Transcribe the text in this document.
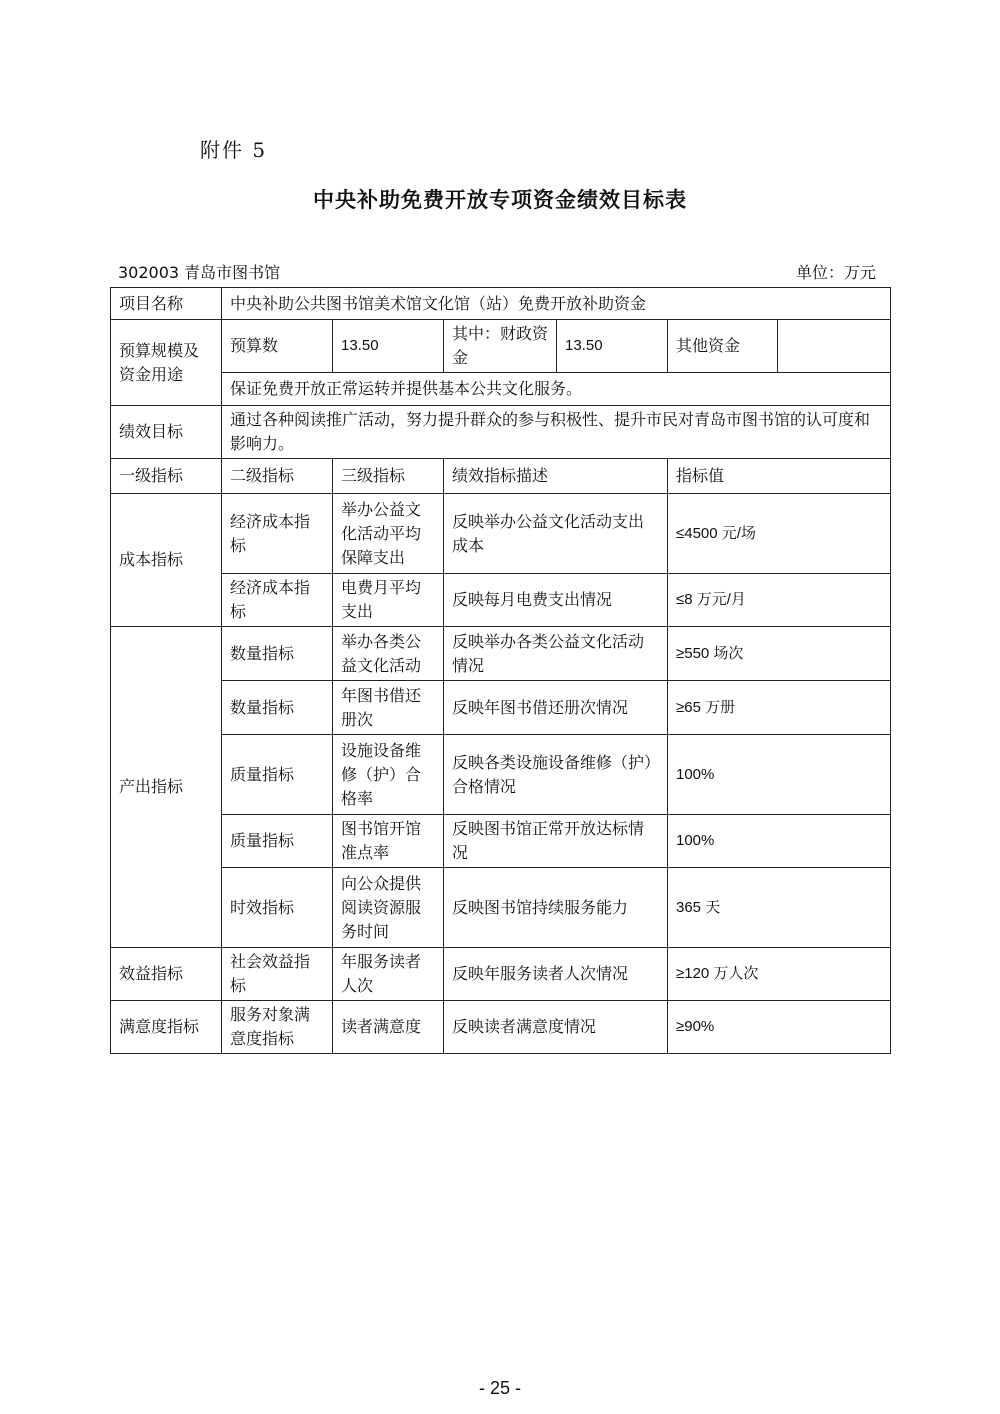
附件 5
中央补助免费开放专项资金绩效目标表
302003 青岛市图书馆	单位：万元
项目名称	中央补助公共图书馆美术馆文化馆（站）免费开放补助资金					
预算规模及资金用途	预算数	13.50	其中：财政资金	13.50	其他资金	
	保证免费开放正常运转并提供基本公共文化服务。					
绩效目标	通过各种阅读推广活动，努力提升群众的参与积极性、提升市民对青岛市图书馆的认可度和影响力。					
一级指标	二级指标	三级指标	绩效指标描述		指标值	
成本指标	经济成本指标	举办公益文化活动平均保障支出	反映举办公益文化活动支出成本		≤4500 元/场	
	经济成本指标	电费月平均支出	反映每月电费支出情况		≤8 万元/月	
产出指标	数量指标	举办各类公益文化活动	反映举办各类公益文化活动情况		≥550 场次	
	数量指标	年图书借还册次	反映年图书借还册次情况		≥65 万册	
	质量指标	设施设备维修（护）合格率	反映各类设施设备维修（护）合格情况		100%	
	质量指标	图书馆开馆准点率	反映图书馆正常开放达标情况		100%	
	时效指标	向公众提供阅读资源服务时间	反映图书馆持续服务能力		365 天	
效益指标	社会效益指标	年服务读者人次	反映年服务读者人次情况		≥120 万人次	
满意度指标	服务对象满意度指标	读者满意度	反映读者满意度情况		≥90%	
- 25 -
